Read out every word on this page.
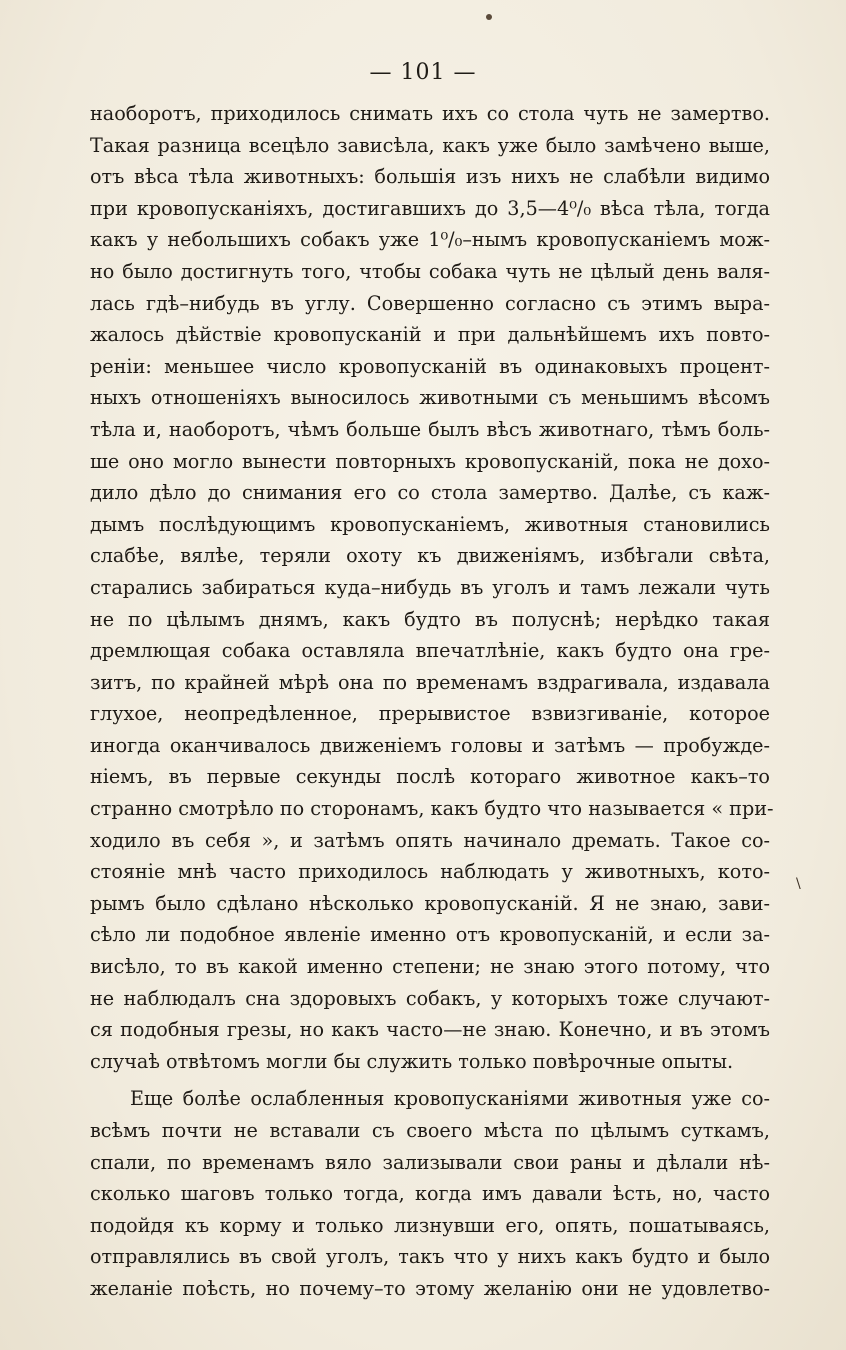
— 101 —
\
наоборотъ, приходилось снимать ихъ со стола чуть не замертво.
Такая разница всецѣло зависѣла, какъ уже было замѣчено выше,
отъ вѣса тѣла животныхъ: большія изъ нихъ не слабѣли видимо
при кровопусканіяхъ, достигавшихъ до 3,5—4⁰/₀ вѣса тѣла, тогда
какъ у небольшихъ собакъ уже 1⁰/₀–нымъ кровопусканіемъ мож-
но было достигнуть того, чтобы собака чуть не цѣлый день валя-
лась гдѣ–нибудь въ углу. Совершенно согласно съ этимъ выра-
жалось дѣйствіе кровопусканій и при дальнѣйшемъ ихъ повто-
реніи: меньшее число кровопусканій въ одинаковыхъ процент-
ныхъ отношеніяхъ выносилось животными съ меньшимъ вѣсомъ
тѣла и, наоборотъ, чѣмъ больше былъ вѣсъ животнаго, тѣмъ боль-
ше оно могло вынести повторныхъ кровопусканій, пока не дохо-
дило дѣло до снимания его со стола замертво. Далѣе, съ каж-
дымъ послѣдующимъ кровопусканіемъ, животныя становились
слабѣе, вялѣе, теряли охоту къ движеніямъ, избѣгали свѣта,
старались забираться куда–нибудь въ уголъ и тамъ лежали чуть
не по цѣлымъ днямъ, какъ будто въ полуснѣ; нерѣдко такая
дремлющая собака оставляла впечатлѣніе, какъ будто она гре-
зитъ, по крайней мѣрѣ она по временамъ вздрагивала, издавала
глухое, неопредѣленное, прерывистое взвизгиваніе, которое
иногда оканчивалось движеніемъ головы и затѣмъ — пробужде-
ніемъ, въ первые секунды послѣ котораго животное какъ–то
странно смотрѣло по сторонамъ, какъ будто что называется « при-
ходило въ себя », и затѣмъ опять начинало дремать. Такое со-
стояніе мнѣ часто приходилось наблюдать у животныхъ, кото-
рымъ было сдѣлано нѣсколько кровопусканій. Я не знаю, зави-
сѣло ли подобное явленіе именно отъ кровопусканій, и если за-
висѣло, то въ какой именно степени; не знаю этого потому, что
не наблюдалъ сна здоровыхъ собакъ, у которыхъ тоже случают-
ся подобныя грезы, но какъ часто—не знаю. Конечно, и въ этомъ
случаѣ отвѣтомъ могли бы служить только повѣрочные опыты.
Еще болѣе ослабленныя кровопусканіями животныя уже со-
всѣмъ почти не вставали съ своего мѣста по цѣлымъ суткамъ,
спали, по временамъ вяло зализывали свои раны и дѣлали нѣ-
сколько шаговъ только тогда, когда имъ давали ѣсть, но, часто
подойдя къ корму и только лизнувши его, опять, пошатываясь,
отправлялись въ свой уголъ, такъ что у нихъ какъ будто и было
желаніе поѣсть, но почему–то этому желанію они не удовлетво-
